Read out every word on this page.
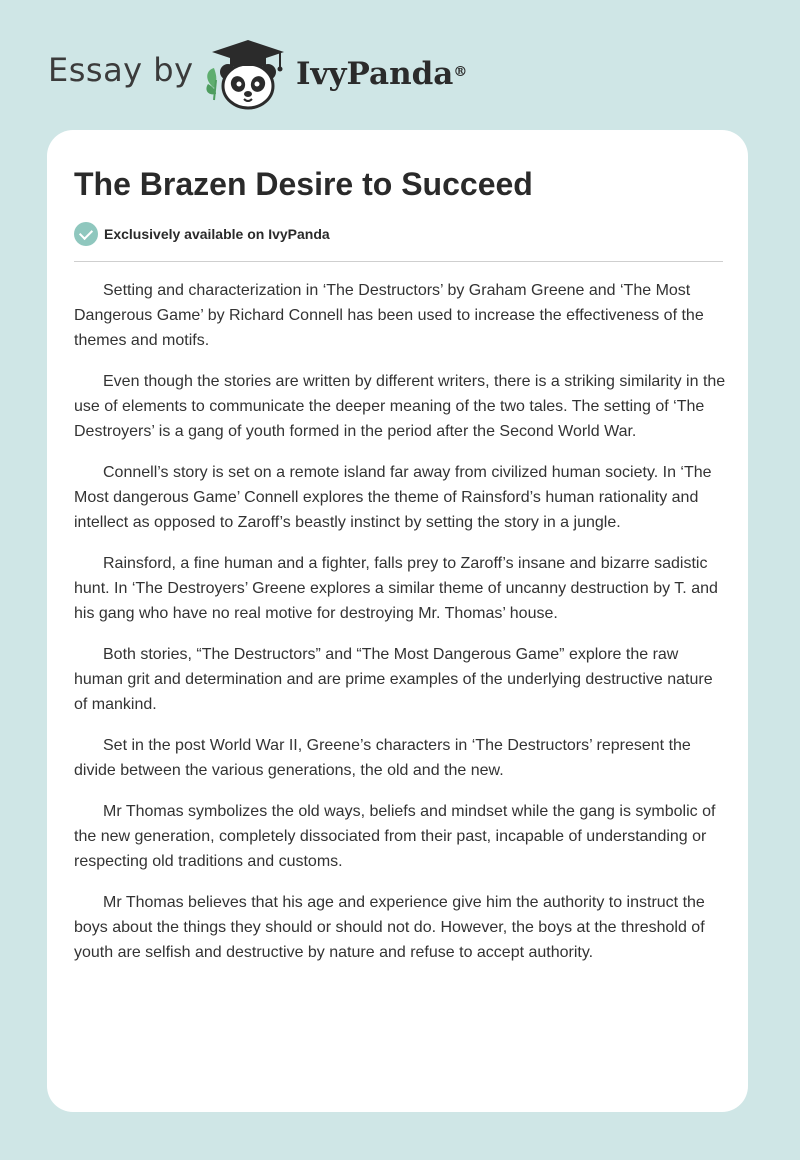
Essay by	IvyPanda®
The Brazen Desire to Succeed
Exclusively available on IvyPanda

Setting and characterization in ‘The Destructors’ by Graham Greene and ‘The Most Dangerous Game’ by Richard Connell has been used to increase the effectiveness of the themes and motifs.

Even though the stories are written by different writers, there is a striking similarity in the use of elements to communicate the deeper meaning of the two tales. The setting of ‘The Destroyers’ is a gang of youth formed in the period after the Second World War.

Connell’s story is set on a remote island far away from civilized human society. In ‘The Most dangerous Game’ Connell explores the theme of Rainsford’s human rationality and intellect as opposed to Zaroff’s beastly instinct by setting the story in a jungle.

Rainsford, a fine human and a fighter, falls prey to Zaroff’s insane and bizarre sadistic hunt. In ‘The Destroyers’ Greene explores a similar theme of uncanny destruction by T. and his gang who have no real motive for destroying Mr. Thomas’ house.

Both stories, “The Destructors” and “The Most Dangerous Game” explore the raw human grit and determination and are prime examples of the underlying destructive nature of mankind.

Set in the post World War II, Greene’s characters in ‘The Destructors’ represent the divide between the various generations, the old and the new.

Mr Thomas symbolizes the old ways, beliefs and mindset while the gang is symbolic of the new generation, completely dissociated from their past, incapable of understanding or respecting old traditions and customs.

Mr Thomas believes that his age and experience give him the authority to instruct the boys about the things they should or should not do. However, the boys at the threshold of youth are selfish and destructive by nature and refuse to accept authority.
